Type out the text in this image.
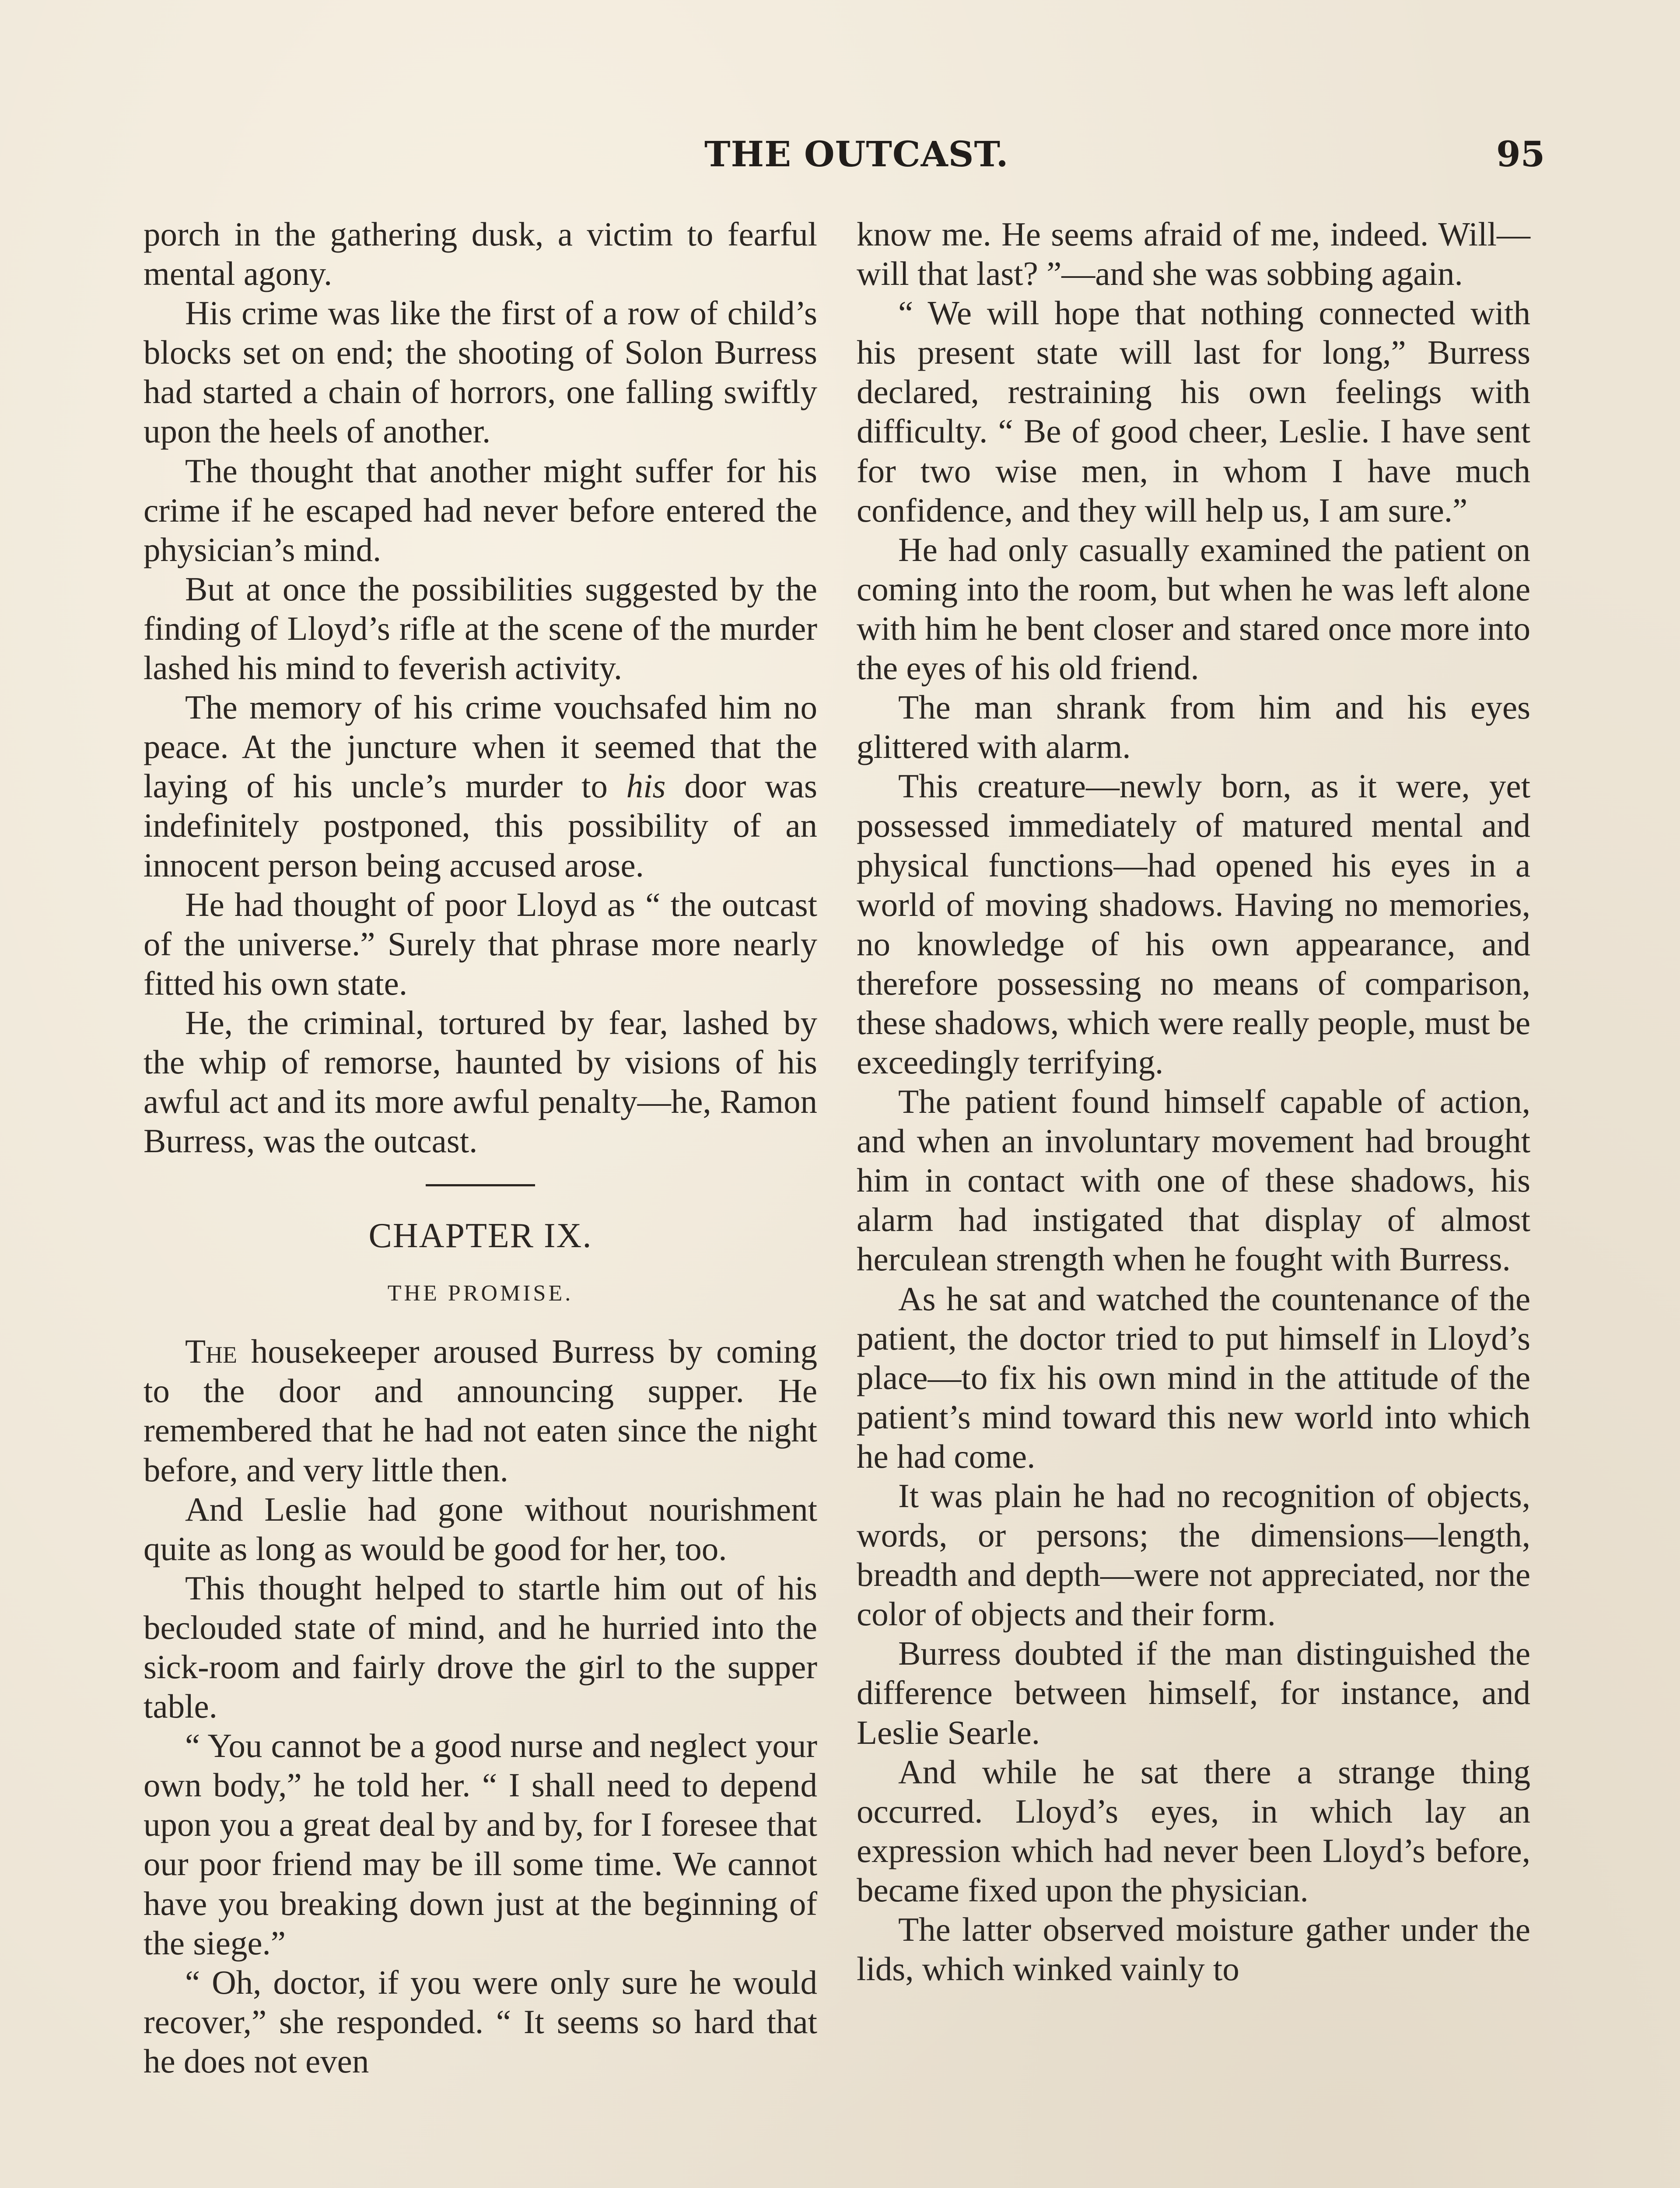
THE OUTCAST.	95

porch in the gathering dusk, a victim to fearful mental agony.

His crime was like the first of a row of child’s blocks set on end; the shooting of Solon Burress had started a chain of horrors, one falling swiftly upon the heels of another.

The thought that another might suffer for his crime if he escaped had never before entered the physician’s mind.

But at once the possibilities suggested by the finding of Lloyd’s rifle at the scene of the murder lashed his mind to feverish activity.

The memory of his crime vouchsafed him no peace. At the juncture when it seemed that the laying of his uncle’s murder to his door was indefinitely postponed, this possibility of an innocent person being accused arose.

He had thought of poor Lloyd as “ the outcast of the universe.” Surely that phrase more nearly fitted his own state.

He, the criminal, tortured by fear, lashed by the whip of remorse, haunted by visions of his awful act and its more awful penalty—he, Ramon Burress, was the outcast.

CHAPTER IX.
THE PROMISE.

The housekeeper aroused Burress by coming to the door and announcing supper. He remembered that he had not eaten since the night before, and very little then.

And Leslie had gone without nourishment quite as long as would be good for her, too.

This thought helped to startle him out of his beclouded state of mind, and he hurried into the sick-room and fairly drove the girl to the supper table.

“ You cannot be a good nurse and neglect your own body,” he told her. “ I shall need to depend upon you a great deal by and by, for I foresee that our poor friend may be ill some time. We cannot have you breaking down just at the beginning of the siege.”

“ Oh, doctor, if you were only sure he would recover,” she responded. “ It seems so hard that he does not even

know me. He seems afraid of me, indeed. Will—will that last? ”—and she was sobbing again.

“ We will hope that nothing connected with his present state will last for long,” Burress declared, restraining his own feelings with difficulty. “ Be of good cheer, Leslie. I have sent for two wise men, in whom I have much confidence, and they will help us, I am sure.”

He had only casually examined the patient on coming into the room, but when he was left alone with him he bent closer and stared once more into the eyes of his old friend.

The man shrank from him and his eyes glittered with alarm.

This creature—newly born, as it were, yet possessed immediately of matured mental and physical functions—had opened his eyes in a world of moving shadows. Having no memories, no knowledge of his own appearance, and therefore possessing no means of comparison, these shadows, which were really people, must be exceedingly terrifying.

The patient found himself capable of action, and when an involuntary movement had brought him in contact with one of these shadows, his alarm had instigated that display of almost herculean strength when he fought with Burress.

As he sat and watched the countenance of the patient, the doctor tried to put himself in Lloyd’s place—to fix his own mind in the attitude of the patient’s mind toward this new world into which he had come.

It was plain he had no recognition of objects, words, or persons; the dimensions—length, breadth and depth—were not appreciated, nor the color of objects and their form.

Burress doubted if the man distinguished the difference between himself, for instance, and Leslie Searle.

And while he sat there a strange thing occurred. Lloyd’s eyes, in which lay an expression which had never been Lloyd’s before, became fixed upon the physician.

The latter observed moisture gather under the lids, which winked vainly to
